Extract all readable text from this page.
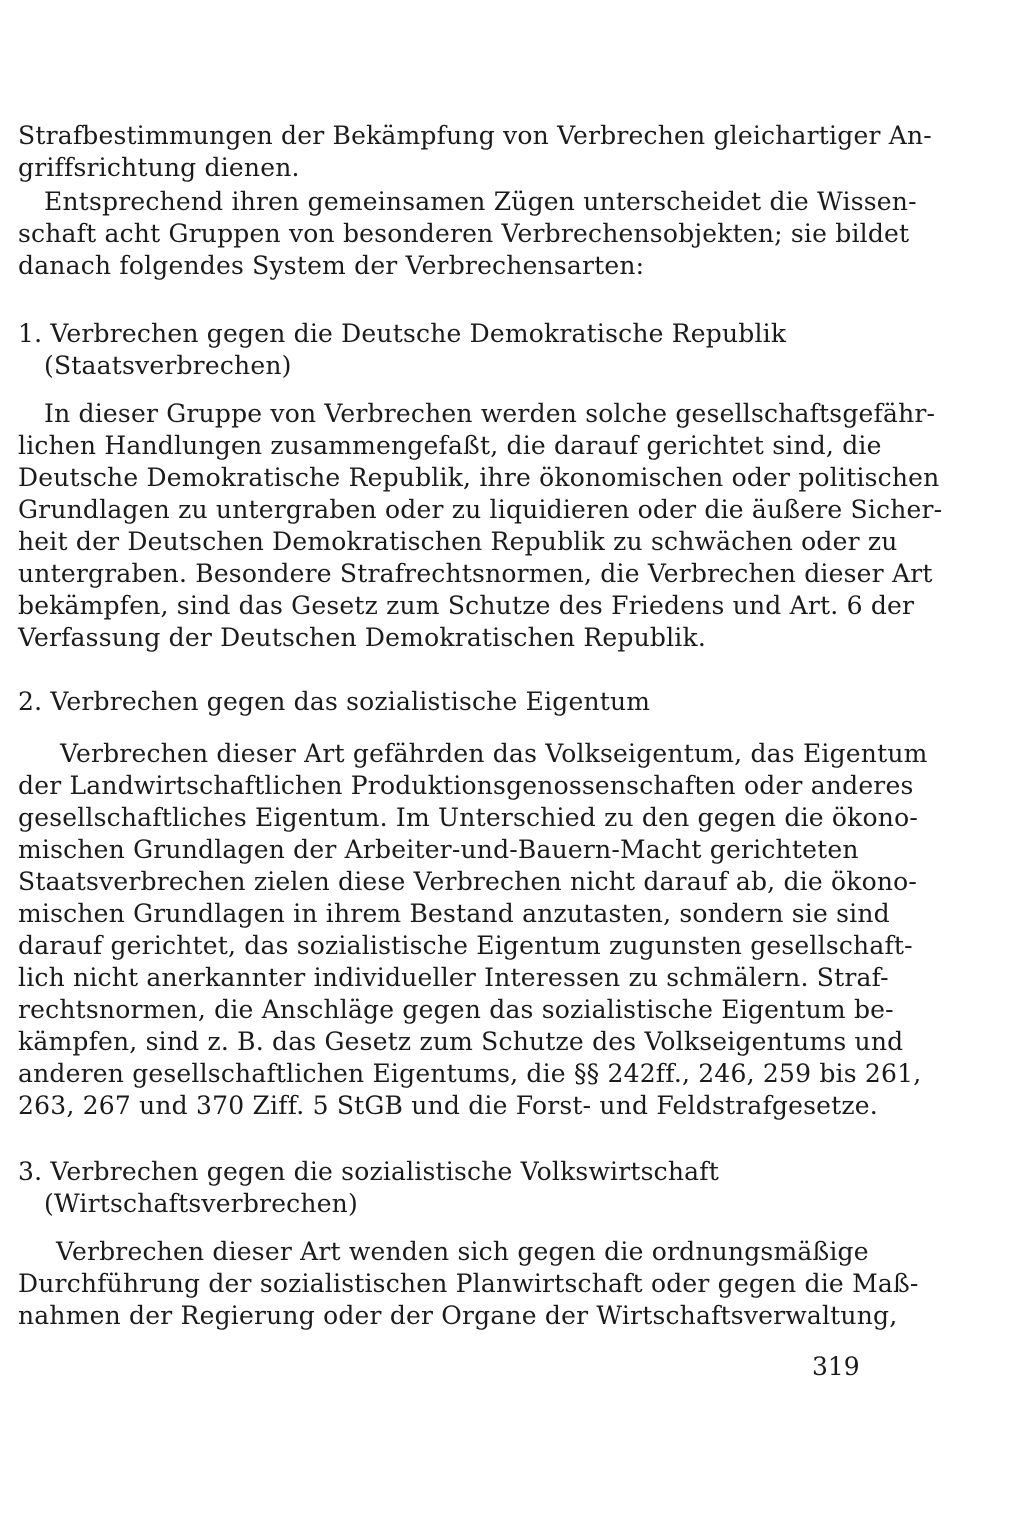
Strafbestimmungen der Bekämpfung von Verbrechen gleichartiger An-
griffsrichtung dienen.
Entsprechend ihren gemeinsamen Zügen unterscheidet die Wissen-
schaft acht Gruppen von besonderen Verbrechensobjekten; sie bildet
danach folgendes System der Verbrechensarten:
1. Verbrechen gegen die Deutsche Demokratische Republik
(Staatsverbrechen)
In dieser Gruppe von Verbrechen werden solche gesellschaftsgefähr-
lichen Handlungen zusammengefaßt, die darauf gerichtet sind, die
Deutsche Demokratische Republik, ihre ökonomischen oder politischen
Grundlagen zu untergraben oder zu liquidieren oder die äußere Sicher-
heit der Deutschen Demokratischen Republik zu schwächen oder zu
untergraben. Besondere Strafrechtsnormen, die Verbrechen dieser Art
bekämpfen, sind das Gesetz zum Schutze des Friedens und Art. 6 der
Verfassung der Deutschen Demokratischen Republik.
2. Verbrechen gegen das sozialistische Eigentum
Verbrechen dieser Art gefährden das Volkseigentum, das Eigentum
der Landwirtschaftlichen Produktionsgenossenschaften oder anderes
gesellschaftliches Eigentum. Im Unterschied zu den gegen die ökono-
mischen Grundlagen der Arbeiter-und-Bauern-Macht gerichteten
Staatsverbrechen zielen diese Verbrechen nicht darauf ab, die ökono-
mischen Grundlagen in ihrem Bestand anzutasten, sondern sie sind
darauf gerichtet, das sozialistische Eigentum zugunsten gesellschaft-
lich nicht anerkannter individueller Interessen zu schmälern. Straf-
rechtsnormen, die Anschläge gegen das sozialistische Eigentum be-
kämpfen, sind z. B. das Gesetz zum Schutze des Volkseigentums und
anderen gesellschaftlichen Eigentums, die §§ 242ff., 246, 259 bis 261,
263, 267 und 370 Ziff. 5 StGB und die Forst- und Feldstrafgesetze.
3. Verbrechen gegen die sozialistische Volkswirtschaft
(Wirtschaftsverbrechen)
Verbrechen dieser Art wenden sich gegen die ordnungsmäßige
Durchführung der sozialistischen Planwirtschaft oder gegen die Maß-
nahmen der Regierung oder der Organe der Wirtschaftsverwaltung,
319
